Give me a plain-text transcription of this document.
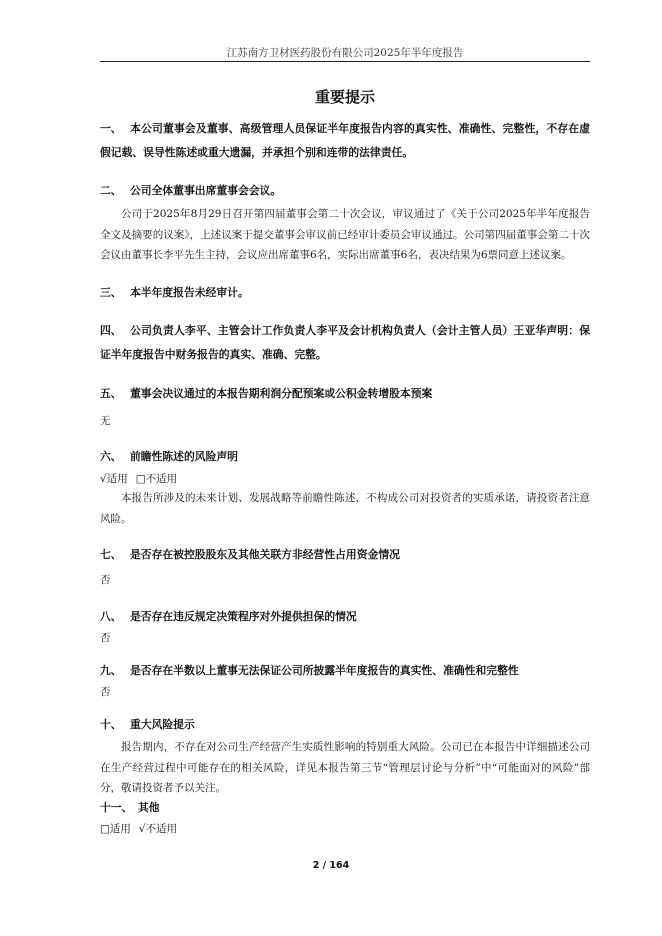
江苏南方卫材医药股份有限公司2025年半年度报告
重要提示
一、 本公司董事会及董事、高级管理人员保证半年度报告内容的真实性、准确性、完整性，不存在虚假记载、误导性陈述或重大遗漏，并承担个别和连带的法律责任。
二、 公司全体董事出席董事会会议。
公司于2025年8月29日召开第四届董事会第二十次会议，审议通过了《关于公司2025年半年度报告全文及摘要的议案》，上述议案于提交董事会审议前已经审计委员会审议通过。公司第四届董事会第二十次会议由董事长李平先生主持，会议应出席董事6名，实际出席董事6名，表决结果为6票同意上述议案。
三、 本半年度报告未经审计。
四、 公司负责人李平、主管会计工作负责人李平及会计机构负责人（会计主管人员）王亚华声明：保证半年度报告中财务报告的真实、准确、完整。
五、 董事会决议通过的本报告期利润分配预案或公积金转增股本预案
无
六、 前瞻性陈述的风险声明
√适用 □不适用
本报告所涉及的未来计划、发展战略等前瞻性陈述，不构成公司对投资者的实质承诺，请投资者注意风险。
七、 是否存在被控股股东及其他关联方非经营性占用资金情况
否
八、 是否存在违反规定决策程序对外提供担保的情况
否
九、 是否存在半数以上董事无法保证公司所披露半年度报告的真实性、准确性和完整性
否
十、 重大风险提示
报告期内，不存在对公司生产经营产生实质性影响的特别重大风险。公司已在本报告中详细描述公司在生产经营过程中可能存在的相关风险，详见本报告第三节“管理层讨论与分析”中“可能面对的风险”部分，敬请投资者予以关注。
十一、 其他
□适用 √不适用
2 / 164
